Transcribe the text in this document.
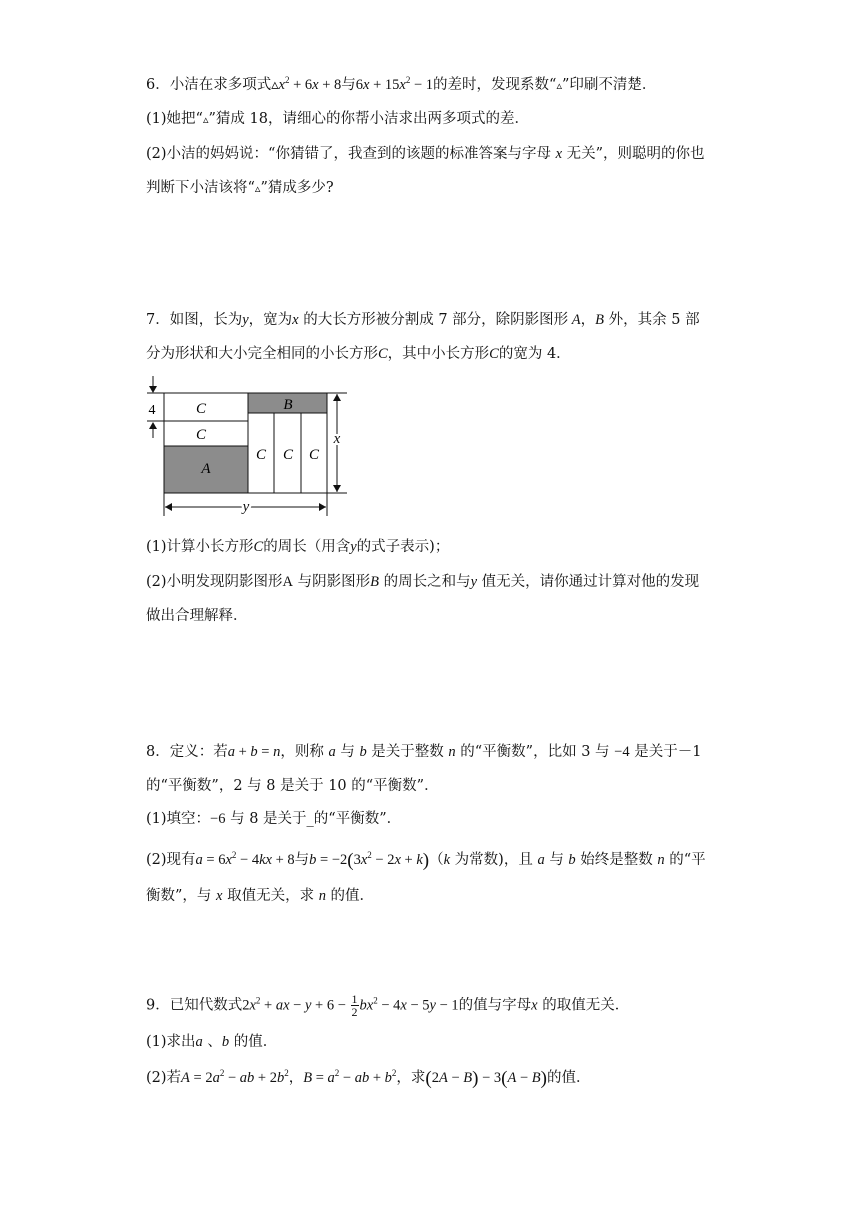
6．小洁在求多项式$▵x^2 + 6x + 8$与$6x + 15x^2 - 1$的差时，发现系数“▵”印刷不清楚．
(1)她把“▵”猜成 18，请细心的你帮小洁求出两多项式的差．
(2)小洁的妈妈说：“你猜错了，我查到的该题的标准答案与字母 x 无关”，则聪明的你也
判断下小洁该将“▵”猜成多少?
7．如图，长为y，宽为x 的大长方形被分割成 7 部分，除阴影图形 A，B 外，其余 5 部
分为形状和大小完全相同的小长方形C，其中小长方形C的宽为 4．
4	C
C
A
B
C C C
x
y
(1)计算小长方形C的周长（用含y的式子表示)；
(2)小明发现阴影图形A 与阴影图形B 的周长之和与y 值无关，请你通过计算对他的发现
做出合理解释．
8．定义：若a + b = n，则称 a 与 b 是关于整数 n 的“平衡数”，比如 3 与 −4 是关于－1
的“平衡数”，2 与 8 是关于 10 的“平衡数”．
(1)填空：−6 与 8 是关于_的“平衡数”．
(2)现有$a = 6x^2 - 4kx + 8$与$b = -2(3x^2 - 2x + k)(k$ 为常数)，且 a 与 b 始终是整数 n 的“平
衡数”，与 x 取值无关，求 n 的值．
9．已知代数式$2x^2$ + ax − $y + 6 - \frac{1}{2} bx^2 - 4x - 5y - 1$的值与字母x 的取值无关．
(1)求出a 、b 的值．
(2)若$A = 2a^2$ − ab + $2b^2$，$B = a^2$ − ab + $b^2$，求(2A − B) − 3(A − B)的值．
